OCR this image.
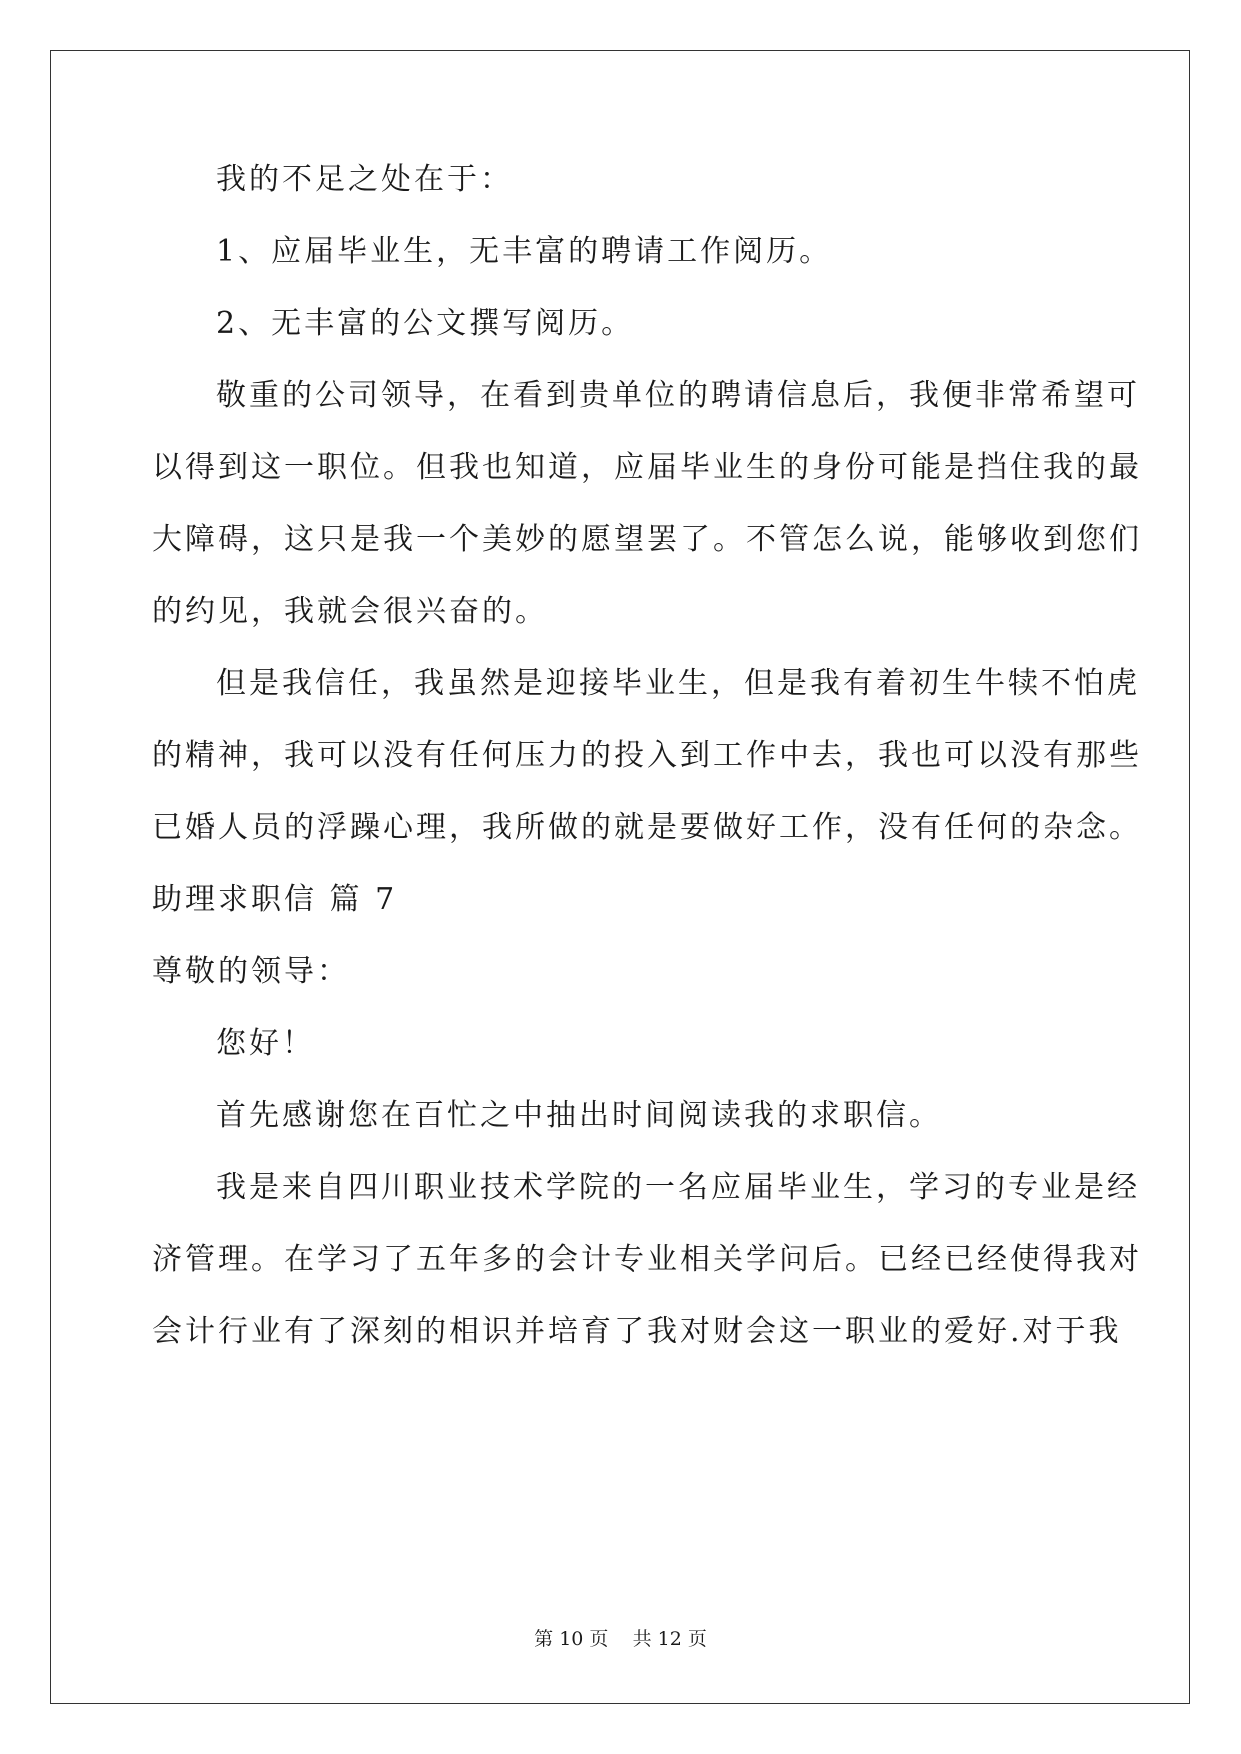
我的不足之处在于：
1、应届毕业生，无丰富的聘请工作阅历。
2、无丰富的公文撰写阅历。
敬重的公司领导，在看到贵单位的聘请信息后，我便非常希望可
以得到这一职位。但我也知道，应届毕业生的身份可能是挡住我的最
大障碍，这只是我一个美妙的愿望罢了。不管怎么说，能够收到您们
的约见，我就会很兴奋的。
但是我信任，我虽然是迎接毕业生，但是我有着初生牛犊不怕虎
的精神，我可以没有任何压力的投入到工作中去，我也可以没有那些
已婚人员的浮躁心理，我所做的就是要做好工作，没有任何的杂念。
助理求职信 篇 7
尊敬的领导：
您好！
首先感谢您在百忙之中抽出时间阅读我的求职信。
我是来自四川职业技术学院的一名应届毕业生，学习的专业是经
济管理。在学习了五年多的会计专业相关学问后。已经已经使得我对
会计行业有了深刻的相识并培育了我对财会这一职业的爱好.对于我
第 10 页    共 12 页
